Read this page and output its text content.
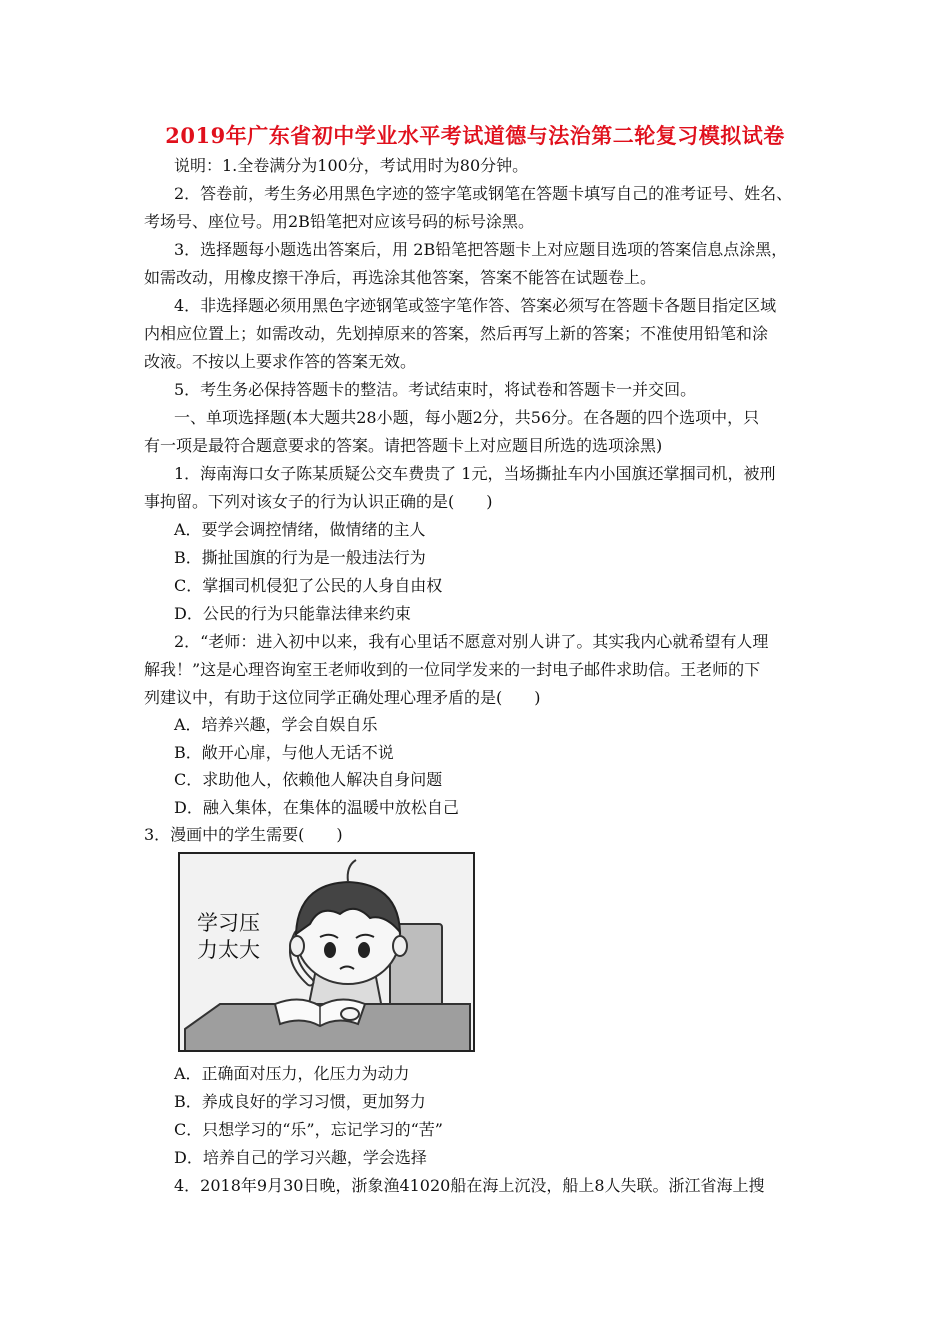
2019年广东省初中学业水平考试道德与法治第二轮复习模拟试卷
说明：1.全卷满分为100分，考试用时为80分钟。
2．答卷前，考生务必用黑色字迹的签字笔或钢笔在答题卡填写自己的准考证号、姓名、
考场号、座位号。用2B铅笔把对应该号码的标号涂黑。
3．选择题每小题选出答案后，用 2B铅笔把答题卡上对应题目选项的答案信息点涂黑，
如需改动，用橡皮擦干净后，再选涂其他答案，答案不能答在试题卷上。
4．非选择题必须用黑色字迹钢笔或签字笔作答、答案必须写在答题卡各题目指定区域
内相应位置上；如需改动，先划掉原来的答案，然后再写上新的答案；不准使用铅笔和涂
改液。不按以上要求作答的答案无效。
5．考生务必保持答题卡的整洁。考试结束时，将试卷和答题卡一并交回。
一、单项选择题(本大题共28小题，每小题2分，共56分。在各题的四个选项中，只
有一项是最符合题意要求的答案。请把答题卡上对应题目所选的选项涂黑)
1．海南海口女子陈某质疑公交车费贵了 1元，当场撕扯车内小国旗还掌掴司机，被刑
事拘留。下列对该女子的行为认识正确的是(　　)
A．要学会调控情绪，做情绪的主人
B．撕扯国旗的行为是一般违法行为
C．掌掴司机侵犯了公民的人身自由权
D．公民的行为只能靠法律来约束
2．“老师：进入初中以来，我有心里话不愿意对别人讲了。其实我内心就希望有人理
解我！”这是心理咨询室王老师收到的一位同学发来的一封电子邮件求助信。王老师的下
列建议中，有助于这位同学正确处理心理矛盾的是(　　)
A．培养兴趣，学会自娱自乐
B．敞开心扉，与他人无话不说
C．求助他人，依赖他人解决自身问题
D．融入集体，在集体的温暖中放松自己
3．漫画中的学生需要(　　)
学习压
力太大
A．正确面对压力，化压力为动力
B．养成良好的学习习惯，更加努力
C．只想学习的“乐”，忘记学习的“苦”
D．培养自己的学习兴趣，学会选择
4．2018年9月30日晚，浙象渔41020船在海上沉没，船上8人失联。浙江省海上搜
